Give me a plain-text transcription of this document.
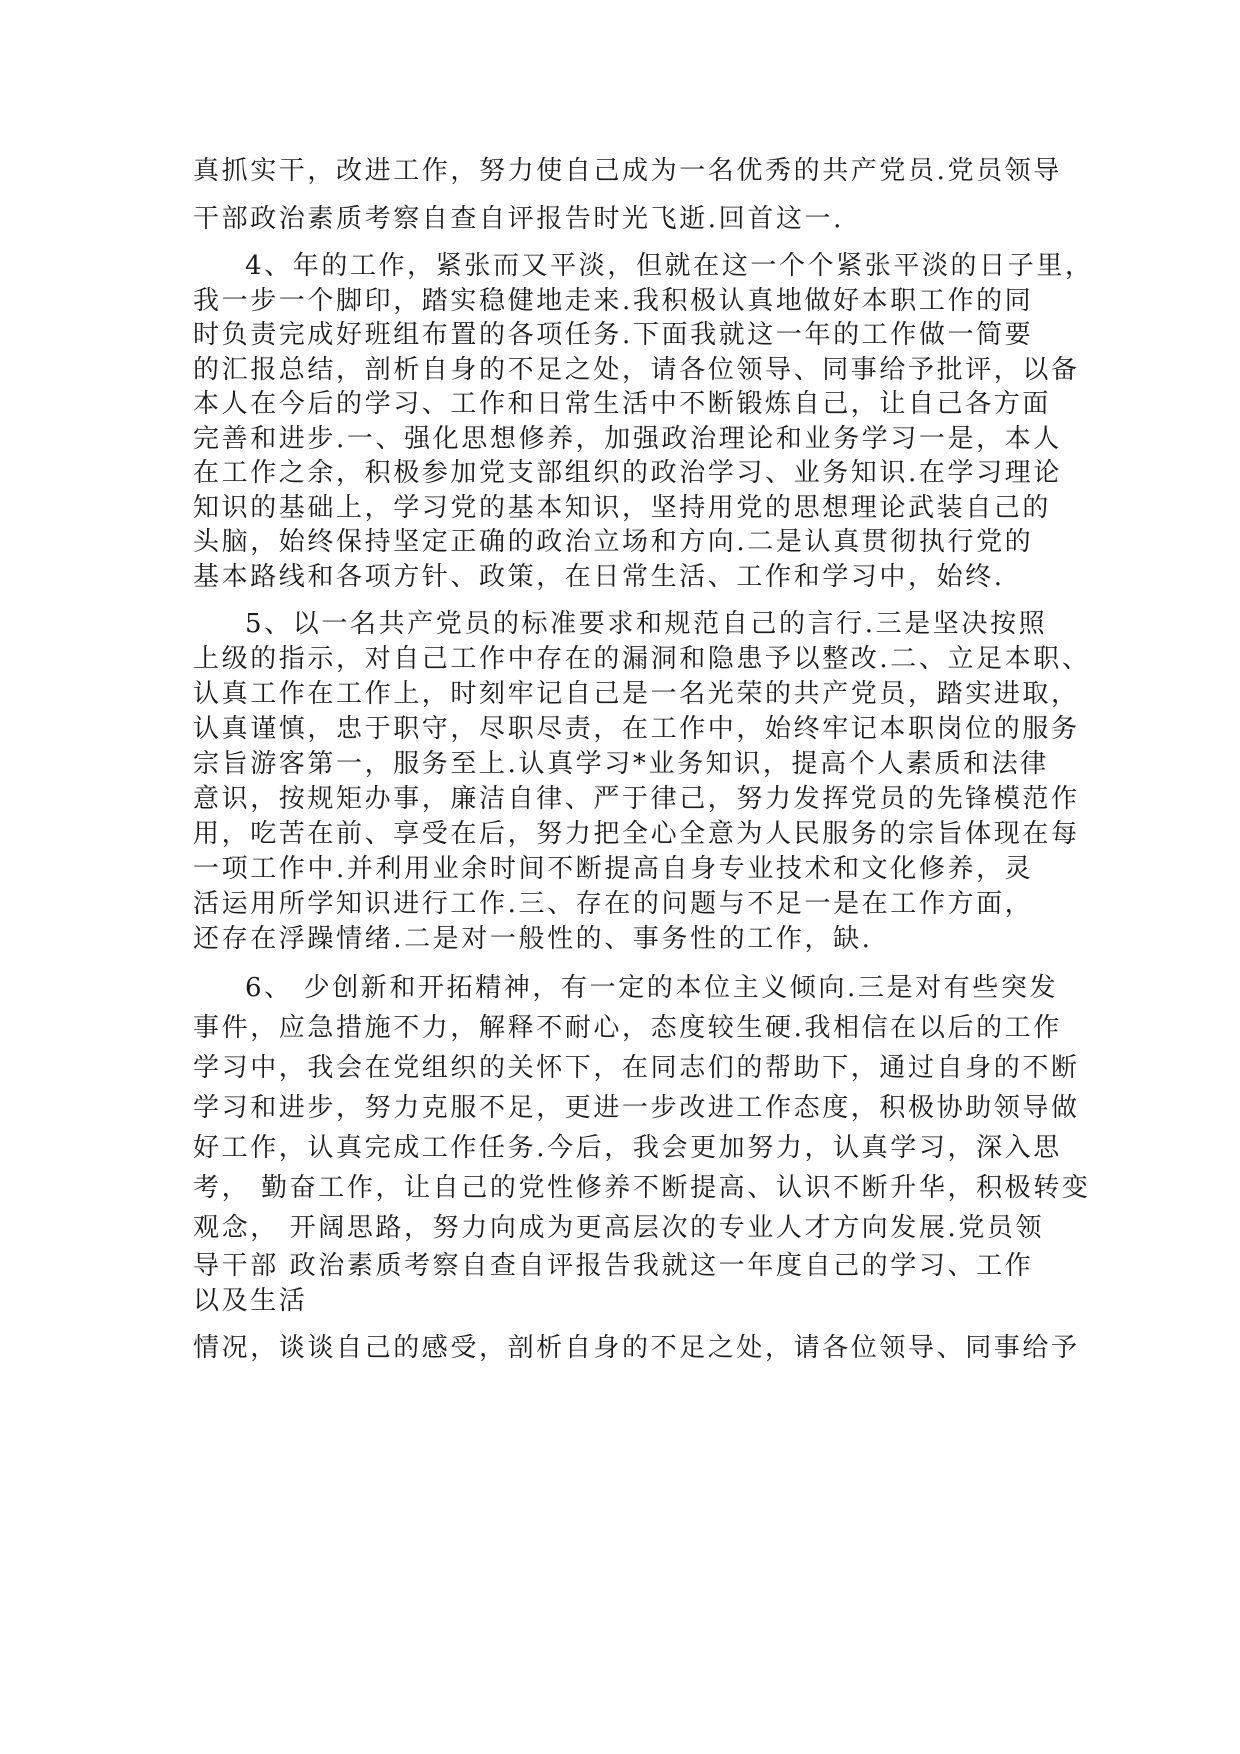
真抓实干，改进工作，努力使自己成为一名优秀的共产党员.党员领导
干部政治素质考察自查自评报告时光飞逝.回首这一.
4、年的工作，紧张而又平淡，但就在这一个个紧张平淡的日子里，
我一步一个脚印，踏实稳健地走来.我积极认真地做好本职工作的同
时负责完成好班组布置的各项任务.下面我就这一年的工作做一简要
的汇报总结，剖析自身的不足之处，请各位领导、同事给予批评，以备
本人在今后的学习、工作和日常生活中不断锻炼自己，让自己各方面
完善和进步.一、强化思想修养，加强政治理论和业务学习一是，本人
在工作之余，积极参加党支部组织的政治学习、业务知识.在学习理论
知识的基础上，学习党的基本知识，坚持用党的思想理论武装自己的
头脑，始终保持坚定正确的政治立场和方向.二是认真贯彻执行党的
基本路线和各项方针、政策，在日常生活、工作和学习中，始终.
5、以一名共产党员的标准要求和规范自己的言行.三是坚决按照
上级的指示，对自己工作中存在的漏洞和隐患予以整改.二、立足本职、
认真工作在工作上，时刻牢记自己是一名光荣的共产党员，踏实进取，
认真谨慎，忠于职守，尽职尽责，在工作中，始终牢记本职岗位的服务
宗旨游客第一，服务至上.认真学习*业务知识，提高个人素质和法律
意识，按规矩办事，廉洁自律、严于律己，努力发挥党员的先锋模范作
用，吃苦在前、享受在后，努力把全心全意为人民服务的宗旨体现在每
一项工作中.并利用业余时间不断提高自身专业技术和文化修养，灵
活运用所学知识进行工作.三、存在的问题与不足一是在工作方面，
还存在浮躁情绪.二是对一般性的、事务性的工作，缺.
6、 少创新和开拓精神，有一定的本位主义倾向.三是对有些突发
事件，应急措施不力，解释不耐心，态度较生硬.我相信在以后的工作
学习中，我会在党组织的关怀下，在同志们的帮助下，通过自身的不断
学习和进步，努力克服不足，更进一步改进工作态度，积极协助领导做
好工作，认真完成工作任务.今后，我会更加努力，认真学习，深入思
考， 勤奋工作，让自己的党性修养不断提高、认识不断升华，积极转变
观念， 开阔思路，努力向成为更高层次的专业人才方向发展.党员领
导干部 政治素质考察自查自评报告我就这一年度自己的学习、工作
以及生活
情况，谈谈自己的感受，剖析自身的不足之处，请各位领导、同事给予
